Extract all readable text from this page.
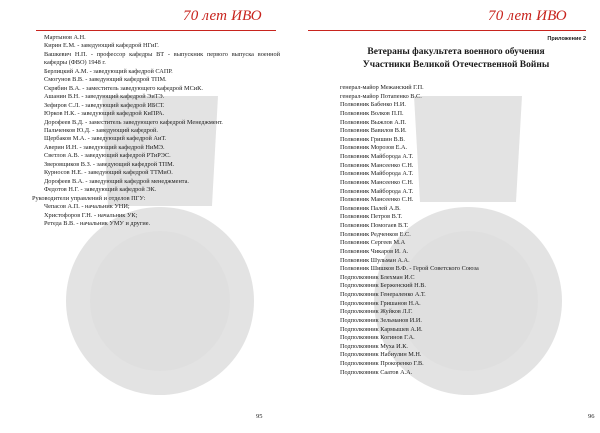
70 лет ИВО
Мартынов А.Н.
Кирин Е.М. - заведующий кафедрой НГиГ.
Вашкевич Н.П. - профессор кафедры ВТ - выпускник первого выпуска военной кафедры (ФВО) 1948 г.
Берлицкий А.М. - заведующий кафедрой САПР.
Смогунов В.В. - заведующий кафедрой ТПМ.
Скрябин В.А. - заместитель заведующего кафедрой МСиК.
Ашанин В.Н. - заведующий кафедрой ЭиТЭ.
Зефиров С.Л. - заведующий кафедрой ИБСТ.
Юрков Н.К. - заведующий кафедрой КиПРА.
Дорофеев В.Д. - заместитель заведующего кафедрой Менеджмент.
Пальченков Ю.Д. - заведующий кафедрой.
Щербаков М.А. - заведующий кафедрой АиТ.
Аверин И.Н. - заведующий кафедрой НиМЭ.
Светлов А.В. - заведующий кафедрой РТиРЭС.
Зверовщиков В.З. - заведующий кафедрой ТПМ.
Курносов Н.Е. - заведующий кафедрой ТТМиО.
Дорофеев В.А. - заведующий кафедрой менеджмента.
Федотов Н.Г. - заведующий кафедрой ЭК.
Руководители управлений и отделов ПГУ:
Чепасов А.П. - начальник УНИ;
Христофоров Г.Н. - начальник УК;
Ретеда В.В. - начальник УМУ и другие.
95
70 лет ИВО
Приложение 2
Ветераны факультета военного обучения
Участники Великой Отечественной Войны
генерал-майор Межанский Г.П.
генерал-майор Потапенко В.С.
Полковник Бабенко Н.И.
Полковник Волков П.П.
Полковник Выжлов А.П.
Полковник Вавилов В.И.
Полковник Гришин В.В.
Полковник Морозов Е.А.
Полковник Майборода А.Т.
Полковник Мансеенко С.Н.
Полковник Майборода А.Т.
Полковник Мансеенко С.Н.
Полковник Майборода А.Т.
Полковник Мансеенко С.Н.
Полковник Палей А.В.
Полковник Петров В.Т.
Полковник Помогаев В.Т.
Полковник Редченков Е.С.
Полковник Сергеев М.А
Полковник Чикаров И. А.
Полковник Шульман А.А.
Полковник Шишков В.Ф. - Герой Советского Союза
Подполковник Блехман И.С
Подполковник Берженский Н.В.
Подполковник Генераленко А.Т.
Подполковник Гришанов Н.А.
Подполковник Жуйков Л.Г.
Подполковник Зельманов И.И.
Подполковник Кармышев А.И.
Подполковник Когинов Г.А.
Подполковник Муха И.К.
Подполковник Набиулин М.Н.
Подполковник Прокоренко Г.В.
Подполковник Саатов А.А.
96
